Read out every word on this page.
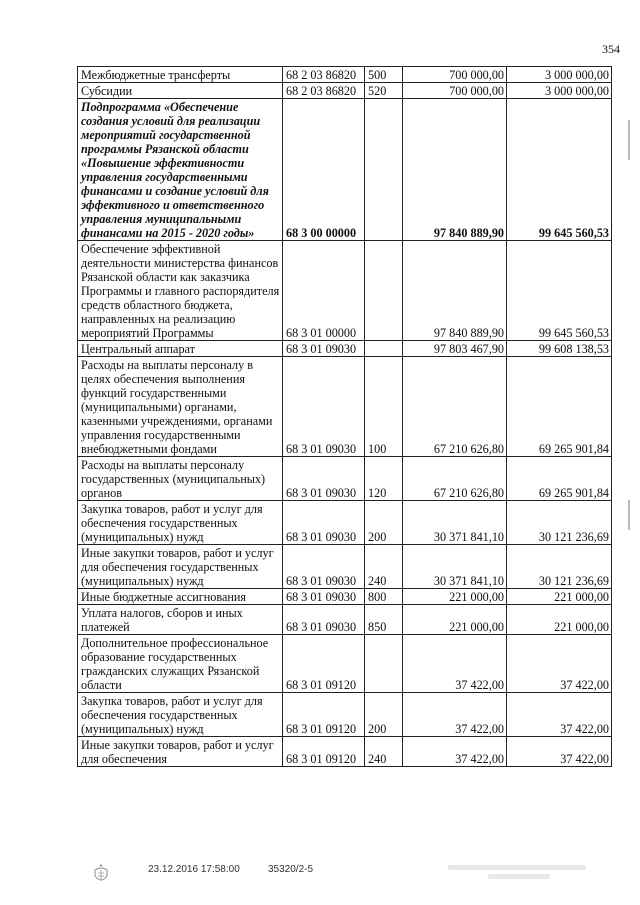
354
Межбюджетные трансферты	68 2 03 86820	500	700 000,00	3 000 000,00
Субсидии	68 2 03 86820	520	700 000,00	3 000 000,00
Подпрограмма «Обеспечение создания условий для реализации мероприятий государственной программы Рязанской области «Повышение эффективности управления государственными финансами и создание условий для эффективного и ответственного управления муниципальными финансами на 2015 - 2020 годы»	68 3 00 00000		97 840 889,90	99 645 560,53
Обеспечение эффективной деятельности министерства финансов Рязанской области как заказчика Программы и главного распорядителя средств областного бюджета, направленных на реализацию мероприятий Программы	68 3 01 00000		97 840 889,90	99 645 560,53
Центральный аппарат	68 3 01 09030		97 803 467,90	99 608 138,53
Расходы на выплаты персоналу в целях обеспечения выполнения функций государственными (муниципальными) органами, казенными учреждениями, органами управления государственными внебюджетными фондами	68 3 01 09030	100	67 210 626,80	69 265 901,84
Расходы на выплаты персоналу государственных (муниципальных) органов	68 3 01 09030	120	67 210 626,80	69 265 901,84
Закупка товаров, работ и услуг для обеспечения государственных (муниципальных) нужд	68 3 01 09030	200	30 371 841,10	30 121 236,69
Иные закупки товаров, работ и услуг для обеспечения государственных (муниципальных) нужд	68 3 01 09030	240	30 371 841,10	30 121 236,69
Иные бюджетные ассигнования	68 3 01 09030	800	221 000,00	221 000,00
Уплата налогов, сборов и иных платежей	68 3 01 09030	850	221 000,00	221 000,00
Дополнительное профессиональное образование государственных гражданских служащих Рязанской области	68 3 01 09120		37 422,00	37 422,00
Закупка товаров, работ и услуг для обеспечения государственных (муниципальных) нужд	68 3 01 09120	200	37 422,00	37 422,00
Иные закупки товаров, работ и услуг для обеспечения	68 3 01 09120	240	37 422,00	37 422,00
23.12.2016 17:58:00	35320/2-5
